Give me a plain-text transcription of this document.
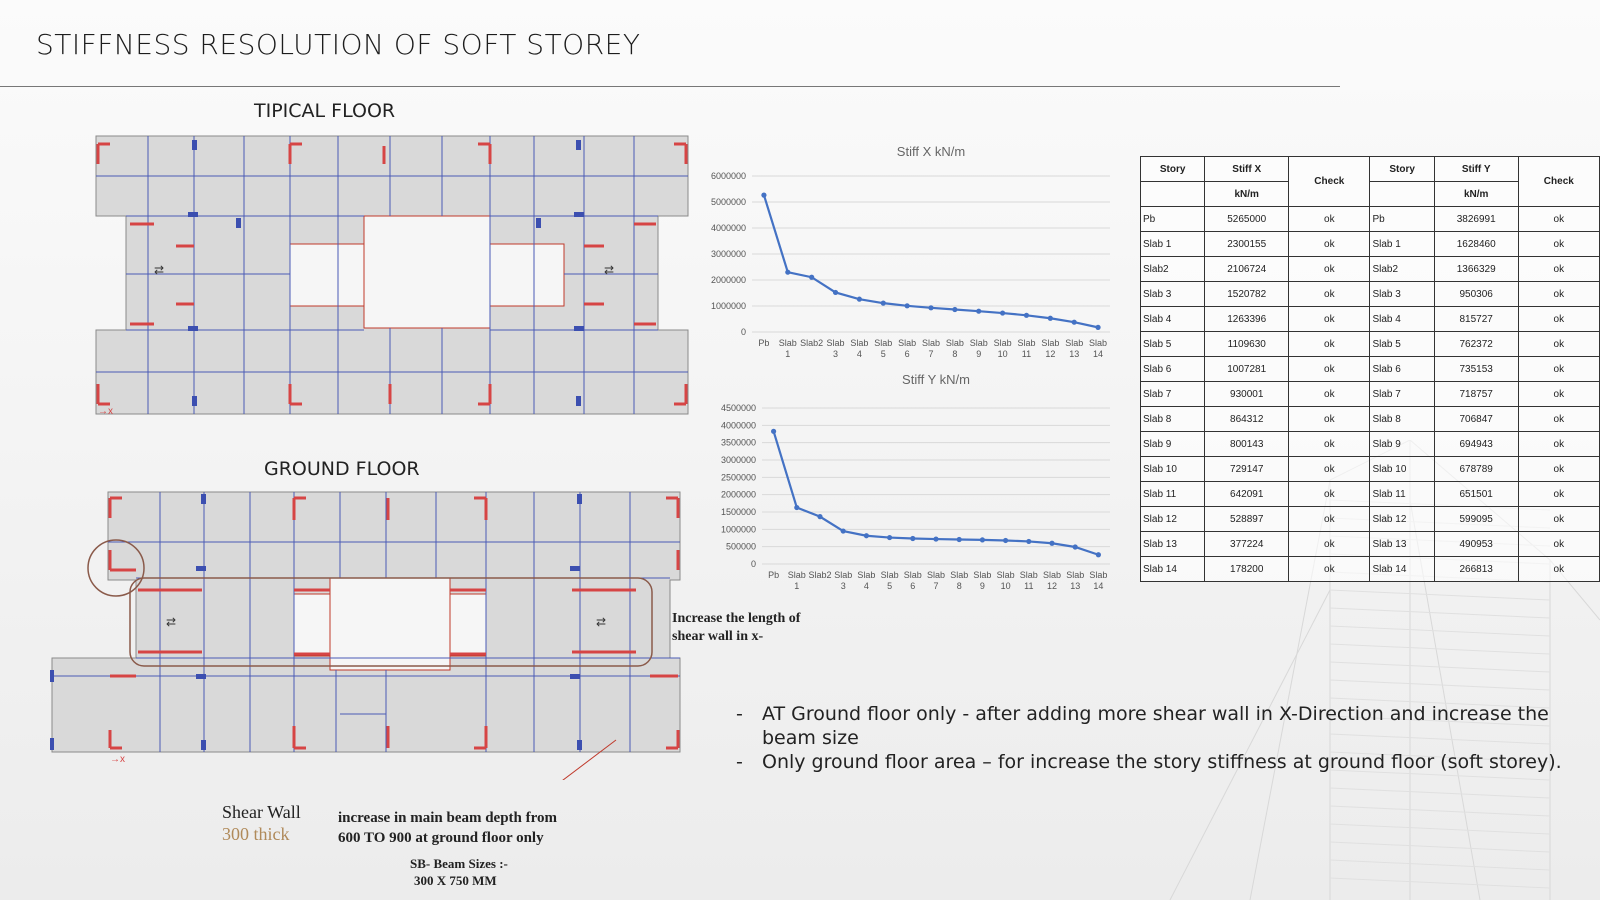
STIFFNESS RESOLUTION OF SOFT STOREY
TIPICAL FLOOR
GROUND FLOOR
⇄	⇄
→x
⇄	⇄
→x
Stiff X kN/m
0
1000000
2000000
3000000
4000000
5000000
6000000
Pb Slab
1
Slab2 Slab
3
Slab
4
Slab
5
Slab
6
Slab
7
Slab
8
Slab
9
Slab
10
Slab
11
Slab
12
Slab
13
Slab
14
Stiff Y kN/m
0
500000
1000000
1500000
2000000
2500000
3000000
3500000
4000000
4500000
Pb Slab
1
Slab2 Slab
3
Slab
4
Slab
5
Slab
6
Slab
7
Slab
8
Slab
9
Slab
10
Slab
11
Slab
12
Slab
13
Slab
14
Story	Stiff X	Check	Story	Stiff Y	Check
	kN/m			kN/m	
Pb	5265000	ok	Pb	3826991	ok
Slab 1	2300155	ok	Slab 1	1628460	ok
Slab2	2106724	ok	Slab2	1366329	ok
Slab 3	1520782	ok	Slab 3	950306	ok
Slab 4	1263396	ok	Slab 4	815727	ok
Slab 5	1109630	ok	Slab 5	762372	ok
Slab 6	1007281	ok	Slab 6	735153	ok
Slab 7	930001	ok	Slab 7	718757	ok
Slab 8	864312	ok	Slab 8	706847	ok
Slab 9	800143	ok	Slab 9	694943	ok
Slab 10	729147	ok	Slab 10	678789	ok
Slab 11	642091	ok	Slab 11	651501	ok
Slab 12	528897	ok	Slab 12	599095	ok
Slab 13	377224	ok	Slab 13	490953	ok
Slab 14	178200	ok	Slab 14	266813	ok
Increase the length of
shear wall in x-
Shear Wall
300 thick
increase in main beam depth from
600 TO 900 at ground floor only
SB- Beam Sizes :-
300 X 750 MM
- AT Ground floor only - after adding more shear wall in X-Direction and increase the beam size
- Only ground floor area – for increase the story stiffness at ground floor (soft storey).
